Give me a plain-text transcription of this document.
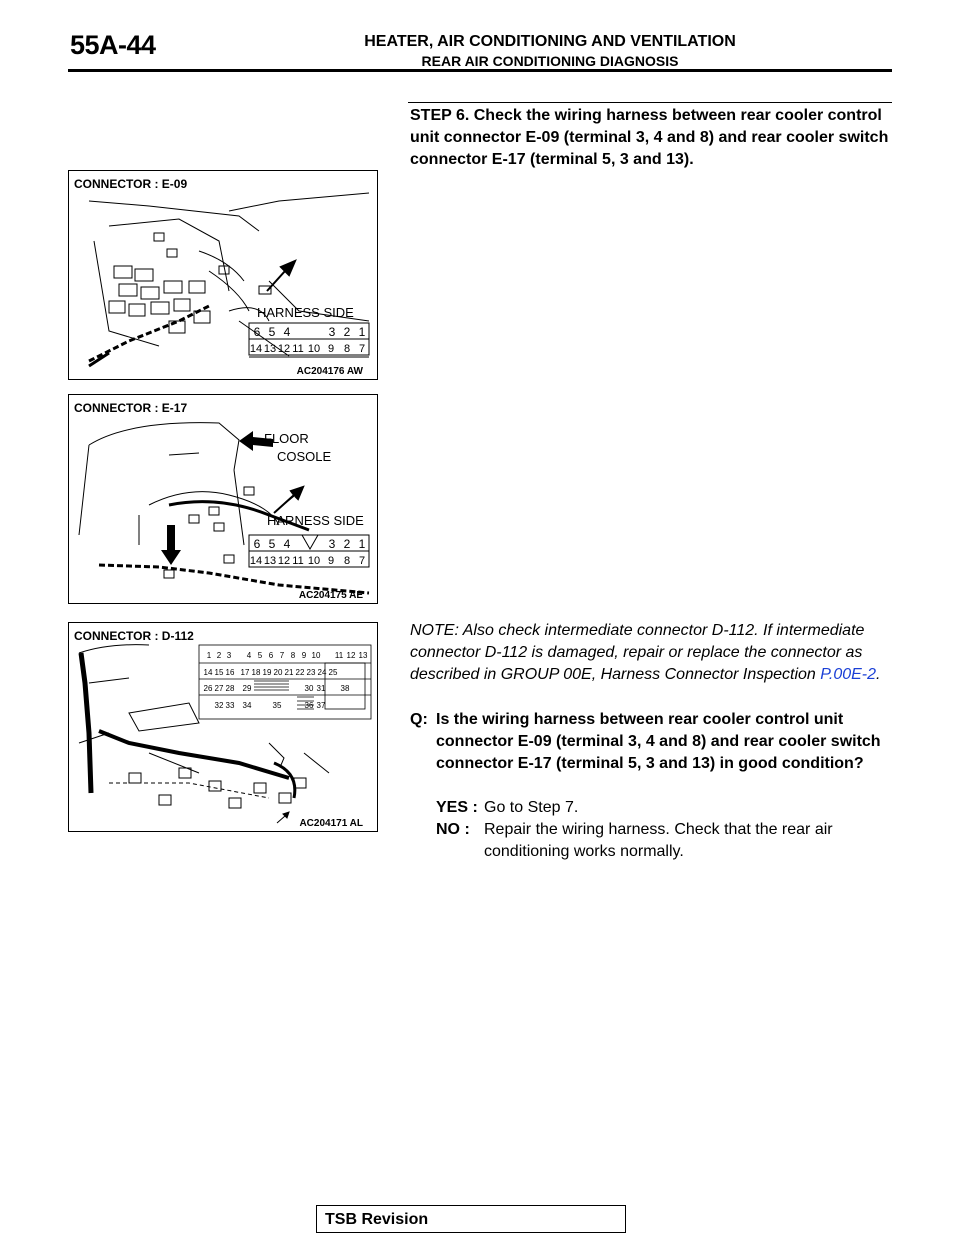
55A-44	HEATER, AIR CONDITIONING AND VENTILATION
REAR AIR CONDITIONING DIAGNOSIS
STEP 6. Check the wiring harness between rear cooler control unit connector E-09 (terminal 3, 4 and 8) and rear cooler switch connector E-17 (terminal 5, 3 and 13).
HARNESS SIDE
6 5 4	3 2 1
14 13 12 11 10 9 8 7
CONNECTOR : E-09
AC204176 AW
FLOOR
COSOLE
HARNESS SIDE
6 5 4	3 2 1
14 13 12 11 10 9 8 7
CONNECTOR : E-17
AC204175 AE
1 2 3 4 5 6 7 8 9 10 11 12 13
14 15 16 17 18 19 20 21 22 23 24 25
26 27 28 29	30 31 38
32 33 34	35	36 37
CONNECTOR : D-112
AC204171 AL
NOTE: Also check intermediate connector D-112. If intermediate connector D-112 is damaged, repair or replace the connector as described in GROUP 00E, Harness Connector Inspection P.00E-2.
Q: Is the wiring harness between rear cooler control unit connector E-09 (terminal 3, 4 and 8) and rear cooler switch connector E-17 (terminal 5, 3 and 13) in good condition?
YES : Go to Step 7.
NO : Repair the wiring harness. Check that the rear air conditioning works normally.
TSB Revision
